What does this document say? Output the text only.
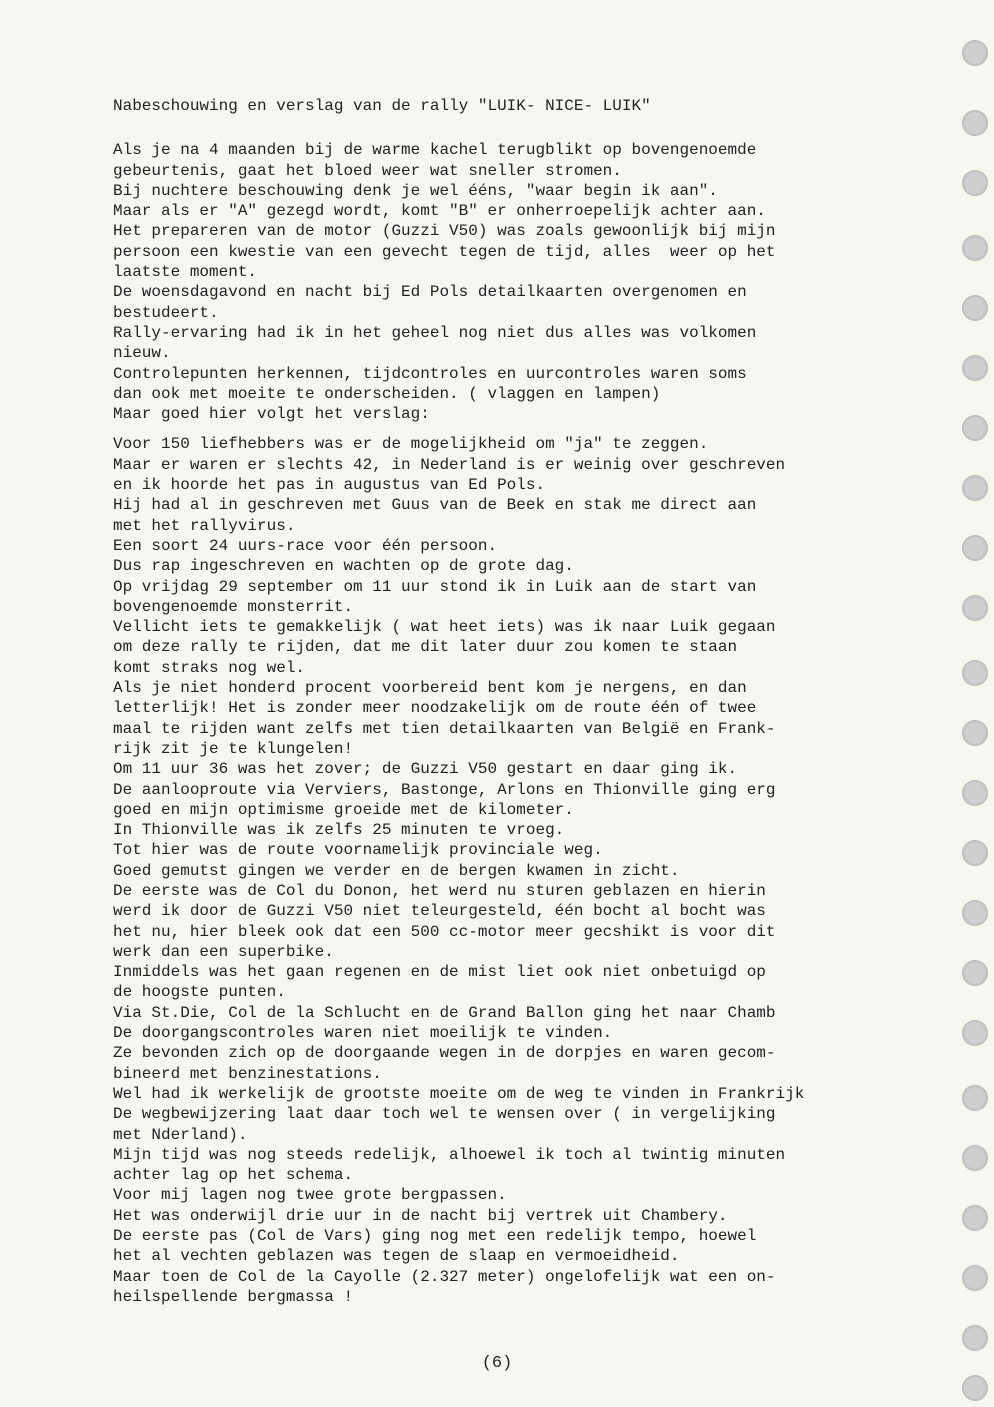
Nabeschouwing en verslag van de rally "LUIK- NICE- LUIK"
Als je na 4 maanden bij de warme kachel terugblikt op bovengenoemde
gebeurtenis, gaat het bloed weer wat sneller stromen.
Bij nuchtere beschouwing denk je wel ééns, "waar begin ik aan".
Maar als er "A" gezegd wordt, komt "B" er onherroepelijk achter aan.
Het prepareren van de motor (Guzzi V50) was zoals gewoonlijk bij mijn
persoon een kwestie van een gevecht tegen de tijd, alles  weer op het
laatste moment.
De woensdagavond en nacht bij Ed Pols detailkaarten overgenomen en
bestudeert.
Rally-ervaring had ik in het geheel nog niet dus alles was volkomen
nieuw.
Controlepunten herkennen, tijdcontroles en uurcontroles waren soms
dan ook met moeite te onderscheiden. ( vlaggen en lampen)
Maar goed hier volgt het verslag:
Voor 150 liefhebbers was er de mogelijkheid om "ja" te zeggen.
Maar er waren er slechts 42, in Nederland is er weinig over geschreven
en ik hoorde het pas in augustus van Ed Pols.
Hij had al in geschreven met Guus van de Beek en stak me direct aan
met het rallyvirus.
Een soort 24 uurs-race voor één persoon.
Dus rap ingeschreven en wachten op de grote dag.
Op vrijdag 29 september om 11 uur stond ik in Luik aan de start van
bovengenoemde monsterrit.
Vellicht iets te gemakkelijk ( wat heet iets) was ik naar Luik gegaan
om deze rally te rijden, dat me dit later duur zou komen te staan
komt straks nog wel.
Als je niet honderd procent voorbereid bent kom je nergens, en dan
letterlijk! Het is zonder meer noodzakelijk om de route één of twee
maal te rijden want zelfs met tien detailkaarten van België en Frank-
rijk zit je te klungelen!
Om 11 uur 36 was het zover; de Guzzi V50 gestart en daar ging ik.
De aanlooproute via Verviers, Bastonge, Arlons en Thionville ging erg
goed en mijn optimisme groeide met de kilometer.
In Thionville was ik zelfs 25 minuten te vroeg.
Tot hier was de route voornamelijk provinciale weg.
Goed gemutst gingen we verder en de bergen kwamen in zicht.
De eerste was de Col du Donon, het werd nu sturen geblazen en hierin
werd ik door de Guzzi V50 niet teleurgesteld, één bocht al bocht was
het nu, hier bleek ook dat een 500 cc-motor meer gecshikt is voor dit
werk dan een superbike.
Inmiddels was het gaan regenen en de mist liet ook niet onbetuigd op
de hoogste punten.
Via St.Die, Col de la Schlucht en de Grand Ballon ging het naar Chamb
De doorgangscontroles waren niet moeilijk te vinden.
Ze bevonden zich op de doorgaande wegen in de dorpjes en waren gecom-
bineerd met benzinestations.
Wel had ik werkelijk de grootste moeite om de weg te vinden in Frankrijk
De wegbewijzering laat daar toch wel te wensen over ( in vergelijking
met Nderland).
Mijn tijd was nog steeds redelijk, alhoewel ik toch al twintig minuten
achter lag op het schema.
Voor mij lagen nog twee grote bergpassen.
Het was onderwijl drie uur in de nacht bij vertrek uit Chambery.
De eerste pas (Col de Vars) ging nog met een redelijk tempo, hoewel
het al vechten geblazen was tegen de slaap en vermoeidheid.
Maar toen de Col de la Cayolle (2.327 meter) ongelofelijk wat een on-
heilspellende bergmassa !
(6)
